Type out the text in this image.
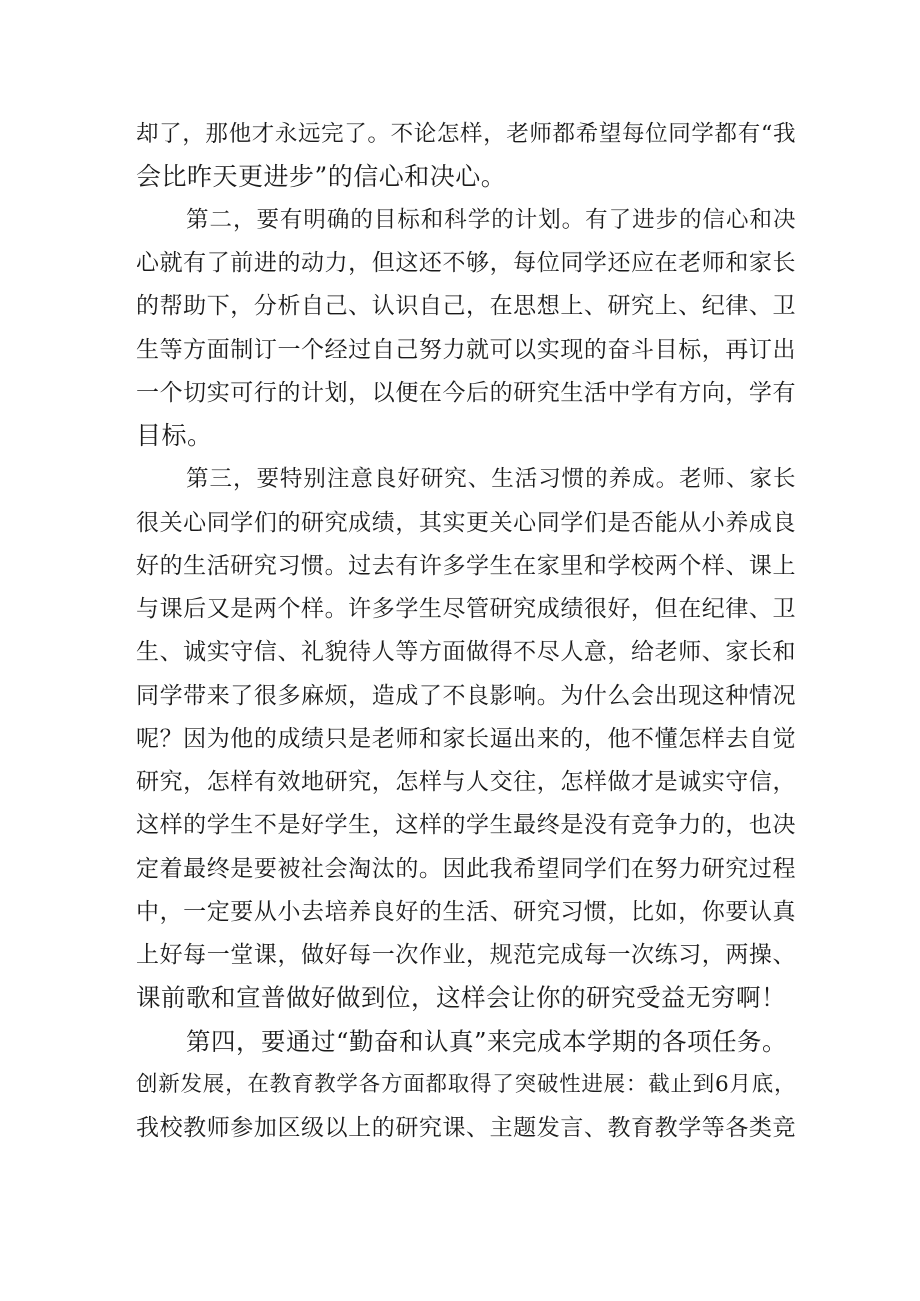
却了，那他才永远完了。不论怎样，老师都希望每位同学都有“我
会比昨天更进步”的信心和决心。
第二，要有明确的目标和科学的计划。有了进步的信心和决
心就有了前进的动力，但这还不够，每位同学还应在老师和家长
的帮助下，分析自己、认识自己，在思想上、研究上、纪律、卫
生等方面制订一个经过自己努力就可以实现的奋斗目标，再订出
一个切实可行的计划，以便在今后的研究生活中学有方向，学有
目标。
第三，要特别注意良好研究、生活习惯的养成。老师、家长
很关心同学们的研究成绩，其实更关心同学们是否能从小养成良
好的生活研究习惯。过去有许多学生在家里和学校两个样、课上
与课后又是两个样。许多学生尽管研究成绩很好，但在纪律、卫
生、诚实守信、礼貌待人等方面做得不尽人意，给老师、家长和
同学带来了很多麻烦，造成了不良影响。为什么会出现这种情况
呢？因为他的成绩只是老师和家长逼出来的，他不懂怎样去自觉
研究，怎样有效地研究，怎样与人交往，怎样做才是诚实守信，
这样的学生不是好学生，这样的学生最终是没有竞争力的，也决
定着最终是要被社会淘汰的。因此我希望同学们在努力研究过程
中，一定要从小去培养良好的生活、研究习惯，比如，你要认真
上好每一堂课，做好每一次作业，规范完成每一次练习，两操、
课前歌和宣普做好做到位，这样会让你的研究受益无穷啊！
第四，要通过“勤奋和认真”来完成本学期的各项任务。
创新发展，在教育教学各方面都取得了突破性进展：截止到6月底，
我校教师参加区级以上的研究课、主题发言、教育教学等各类竞
